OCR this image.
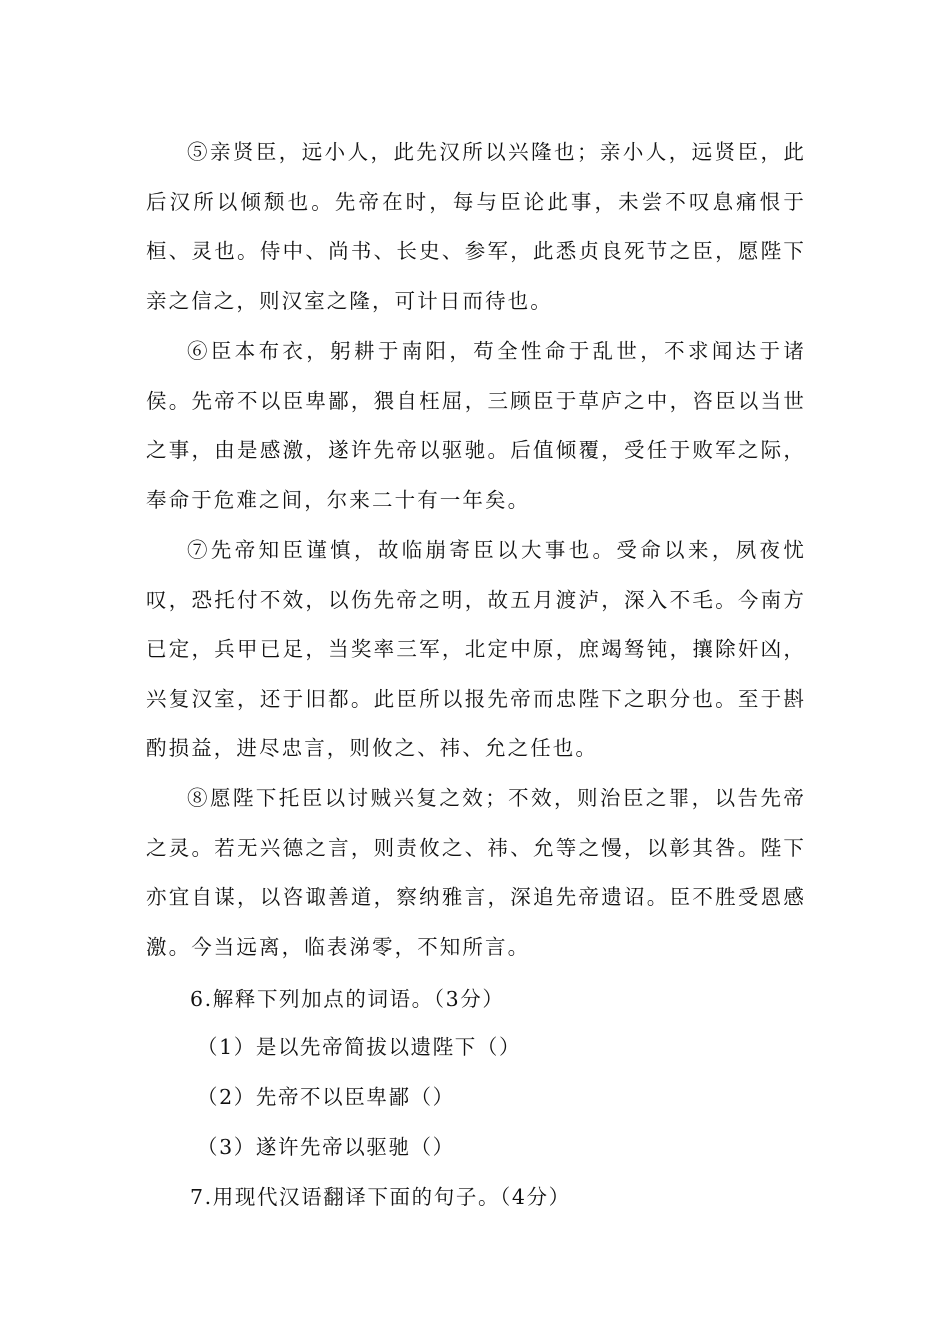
⑤亲贤臣，远小人，此先汉所以兴隆也；亲小人，远贤臣，此后汉所以倾颓也。先帝在时，每与臣论此事，未尝不叹息痛恨于桓、灵也。侍中、尚书、长史、参军，此悉贞良死节之臣，愿陛下亲之信之，则汉室之隆，可计日而待也。

⑥臣本布衣，躬耕于南阳，苟全性命于乱世，不求闻达于诸侯。先帝不以臣卑鄙，猥自枉屈，三顾臣于草庐之中，咨臣以当世之事，由是感激，遂许先帝以驱驰。后值倾覆，受任于败军之际，奉命于危难之间，尔来二十有一年矣。

⑦先帝知臣谨慎，故临崩寄臣以大事也。受命以来，夙夜忧叹，恐托付不效，以伤先帝之明，故五月渡泸，深入不毛。今南方已定，兵甲已足，当奖率三军，北定中原，庶竭驽钝，攘除奸凶，兴复汉室，还于旧都。此臣所以报先帝而忠陛下之职分也。至于斟酌损益，进尽忠言，则攸之、祎、允之任也。

⑧愿陛下托臣以讨贼兴复之效；不效，则治臣之罪，以告先帝之灵。若无兴德之言，则责攸之、祎、允等之慢，以彰其咎。陛下亦宜自谋，以咨诹善道，察纳雅言，深追先帝遗诏。臣不胜受恩感激。今当远离，临表涕零，不知所言。

6.解释下列加点的词语。（3分）

（1）是以先帝简拔以遗陛下（）

（2）先帝不以臣卑鄙（）

（3）遂许先帝以驱驰（）

7.用现代汉语翻译下面的句子。（4分）
